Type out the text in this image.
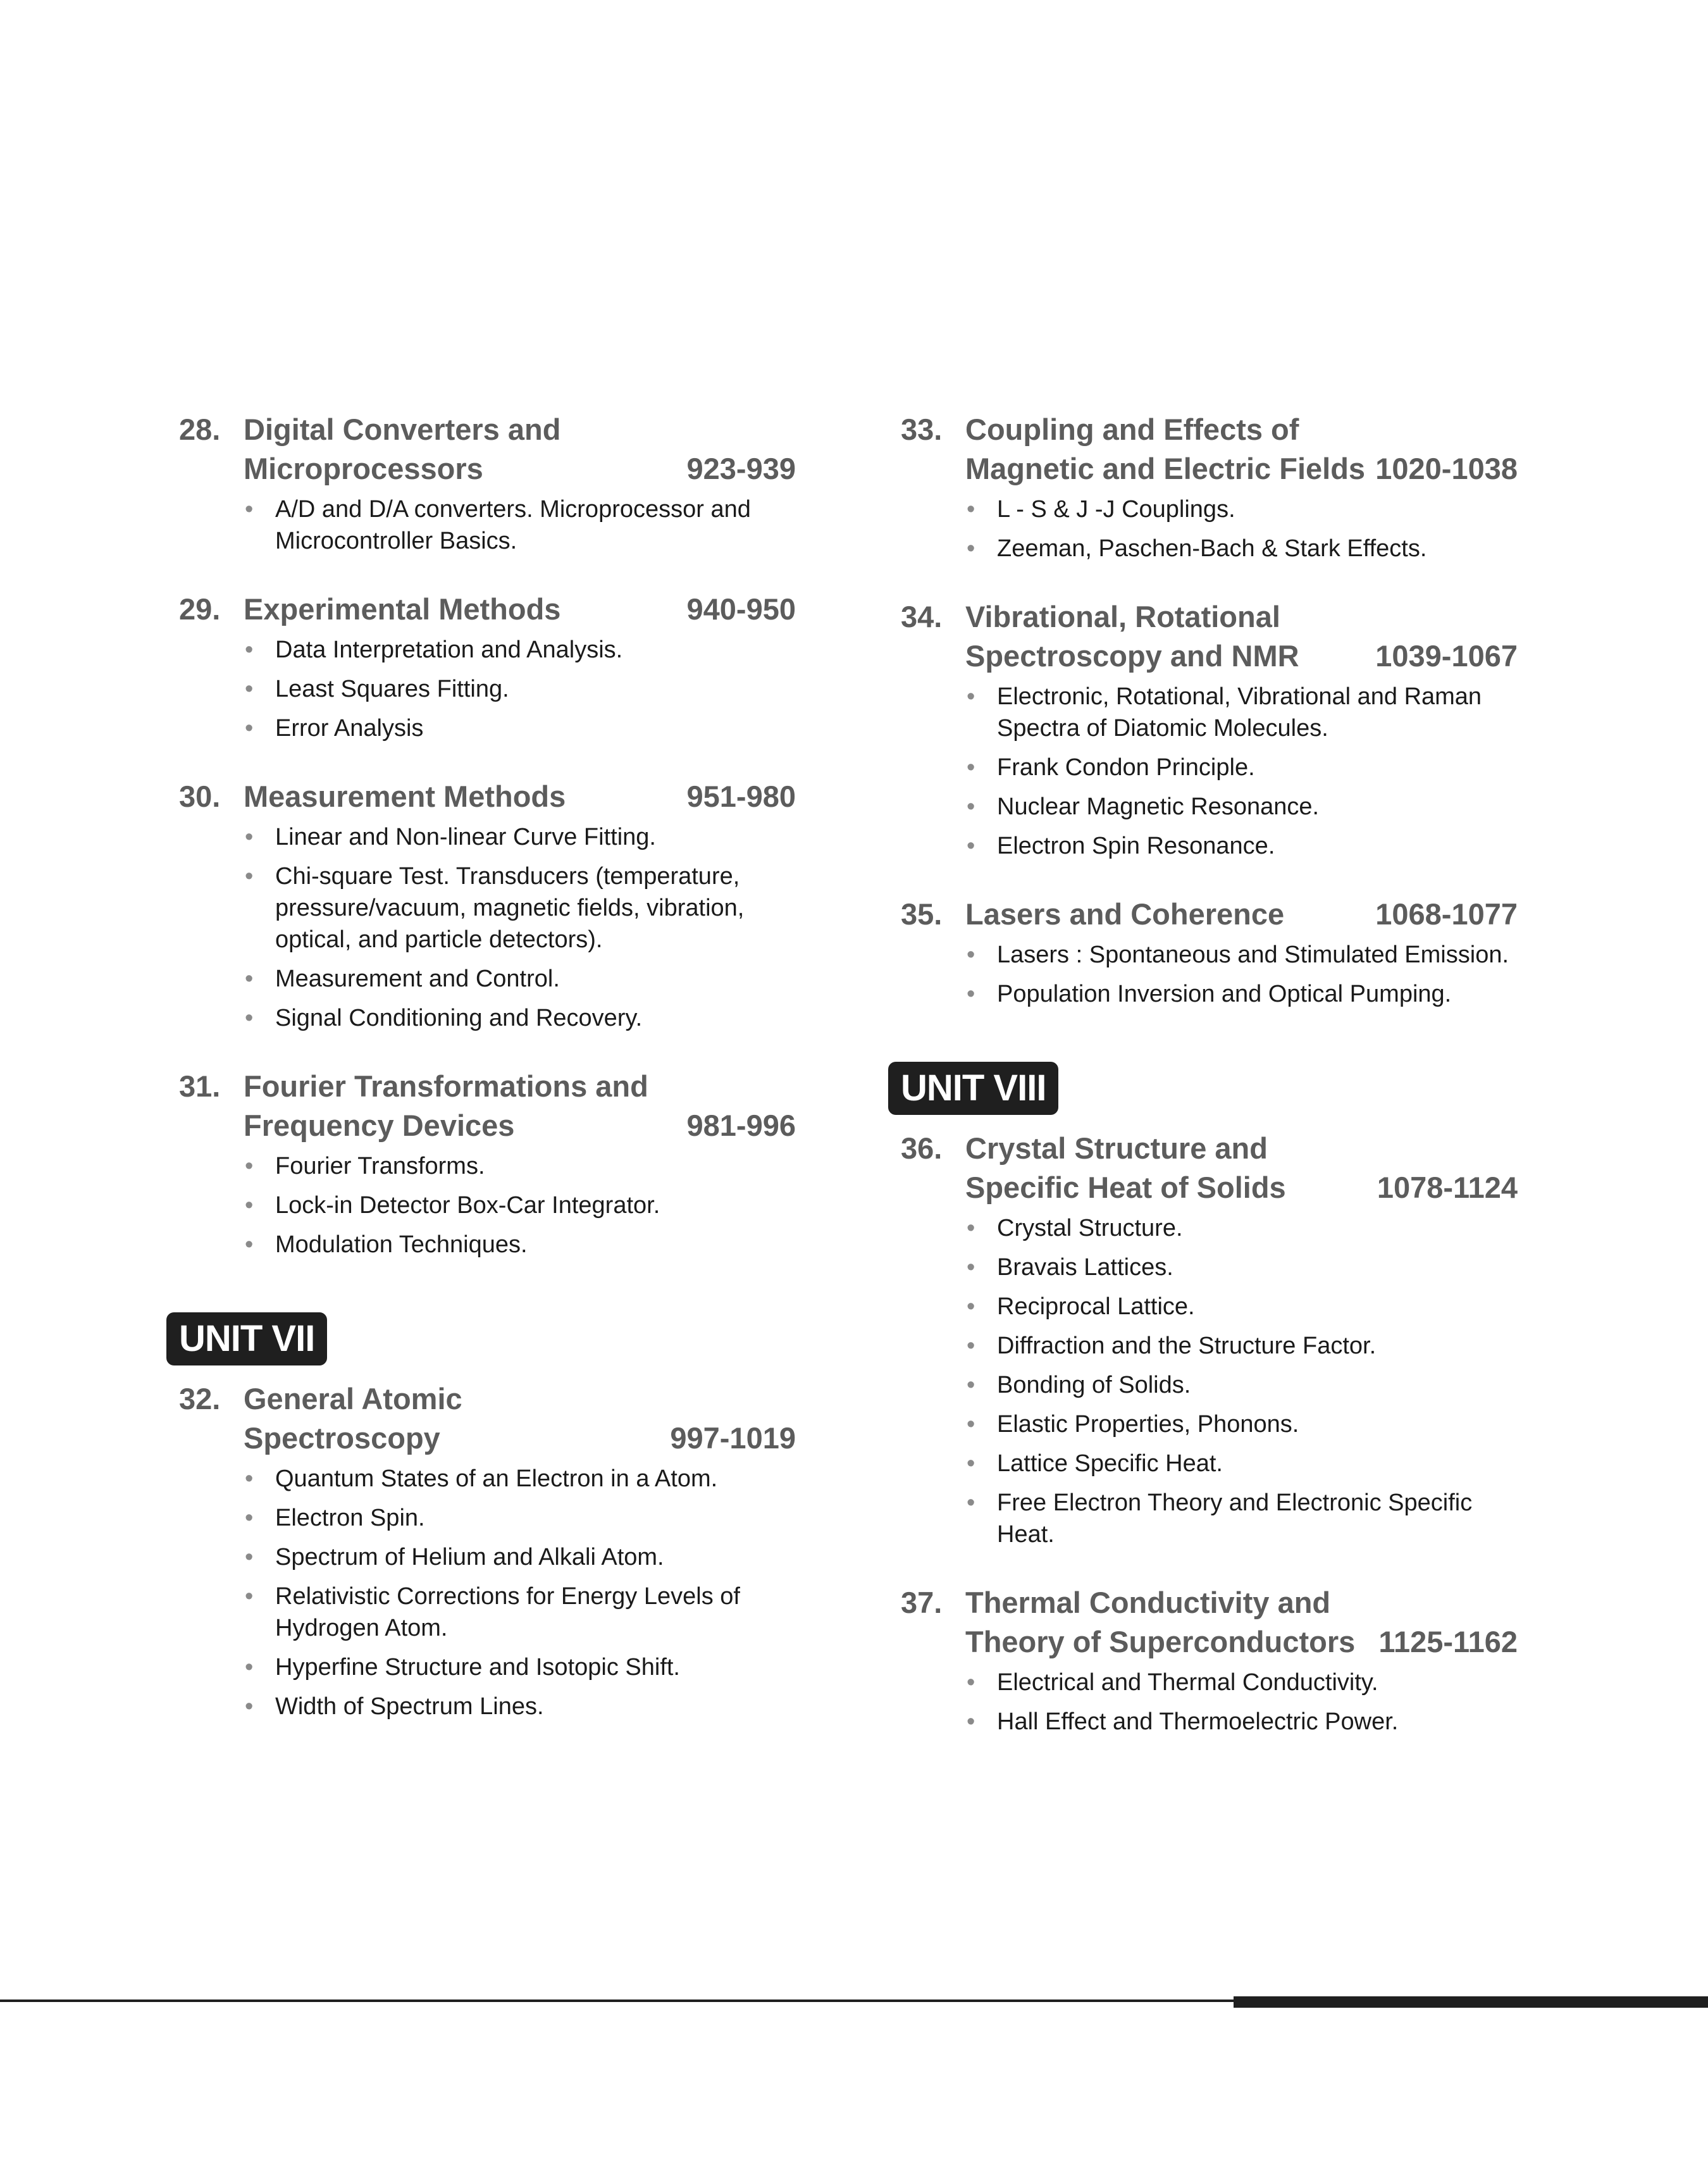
28. Digital Converters and Microprocessors	923-939
• A/D and D/A converters. Microprocessor and Microcontroller Basics.
29. Experimental Methods	940-950
• Data Interpretation and Analysis.
• Least Squares Fitting.
• Error Analysis
30. Measurement Methods	951-980
• Linear and Non-linear Curve Fitting.
• Chi-square Test. Transducers (temperature, pressure/vacuum, magnetic fields, vibration, optical, and particle detectors).
• Measurement and Control.
• Signal Conditioning and Recovery.
31. Fourier Transformations and Frequency Devices	981-996
• Fourier Transforms.
• Lock-in Detector Box-Car Integrator.
• Modulation Techniques.
UNIT VII
32. General Atomic Spectroscopy	997-1019
• Quantum States of an Electron in a Atom.
• Electron Spin.
• Spectrum of Helium and Alkali Atom.
• Relativistic Corrections for Energy Levels of Hydrogen Atom.
• Hyperfine Structure and Isotopic Shift.
• Width of Spectrum Lines.
33. Coupling and Effects of Magnetic and Electric Fields 1020-1038
• L - S & J -J Couplings.
• Zeeman, Paschen-Bach & Stark Effects.
34. Vibrational, Rotational Spectroscopy and NMR	1039-1067
• Electronic, Rotational, Vibrational and Raman Spectra of Diatomic Molecules.
• Frank Condon Principle.
• Nuclear Magnetic Resonance.
• Electron Spin Resonance.
35. Lasers and Coherence	1068-1077
• Lasers : Spontaneous and Stimulated Emission.
• Population Inversion and Optical Pumping.
UNIT VIII
36. Crystal Structure and Specific Heat of Solids	1078-1124
• Crystal Structure.
• Bravais Lattices.
• Reciprocal Lattice.
• Diffraction and the Structure Factor.
• Bonding of Solids.
• Elastic Properties, Phonons.
• Lattice Specific Heat.
• Free Electron Theory and Electronic Specific Heat.
37. Thermal Conductivity and Theory of Superconductors 1125-1162
• Electrical and Thermal Conductivity.
• Hall Effect and Thermoelectric Power.
